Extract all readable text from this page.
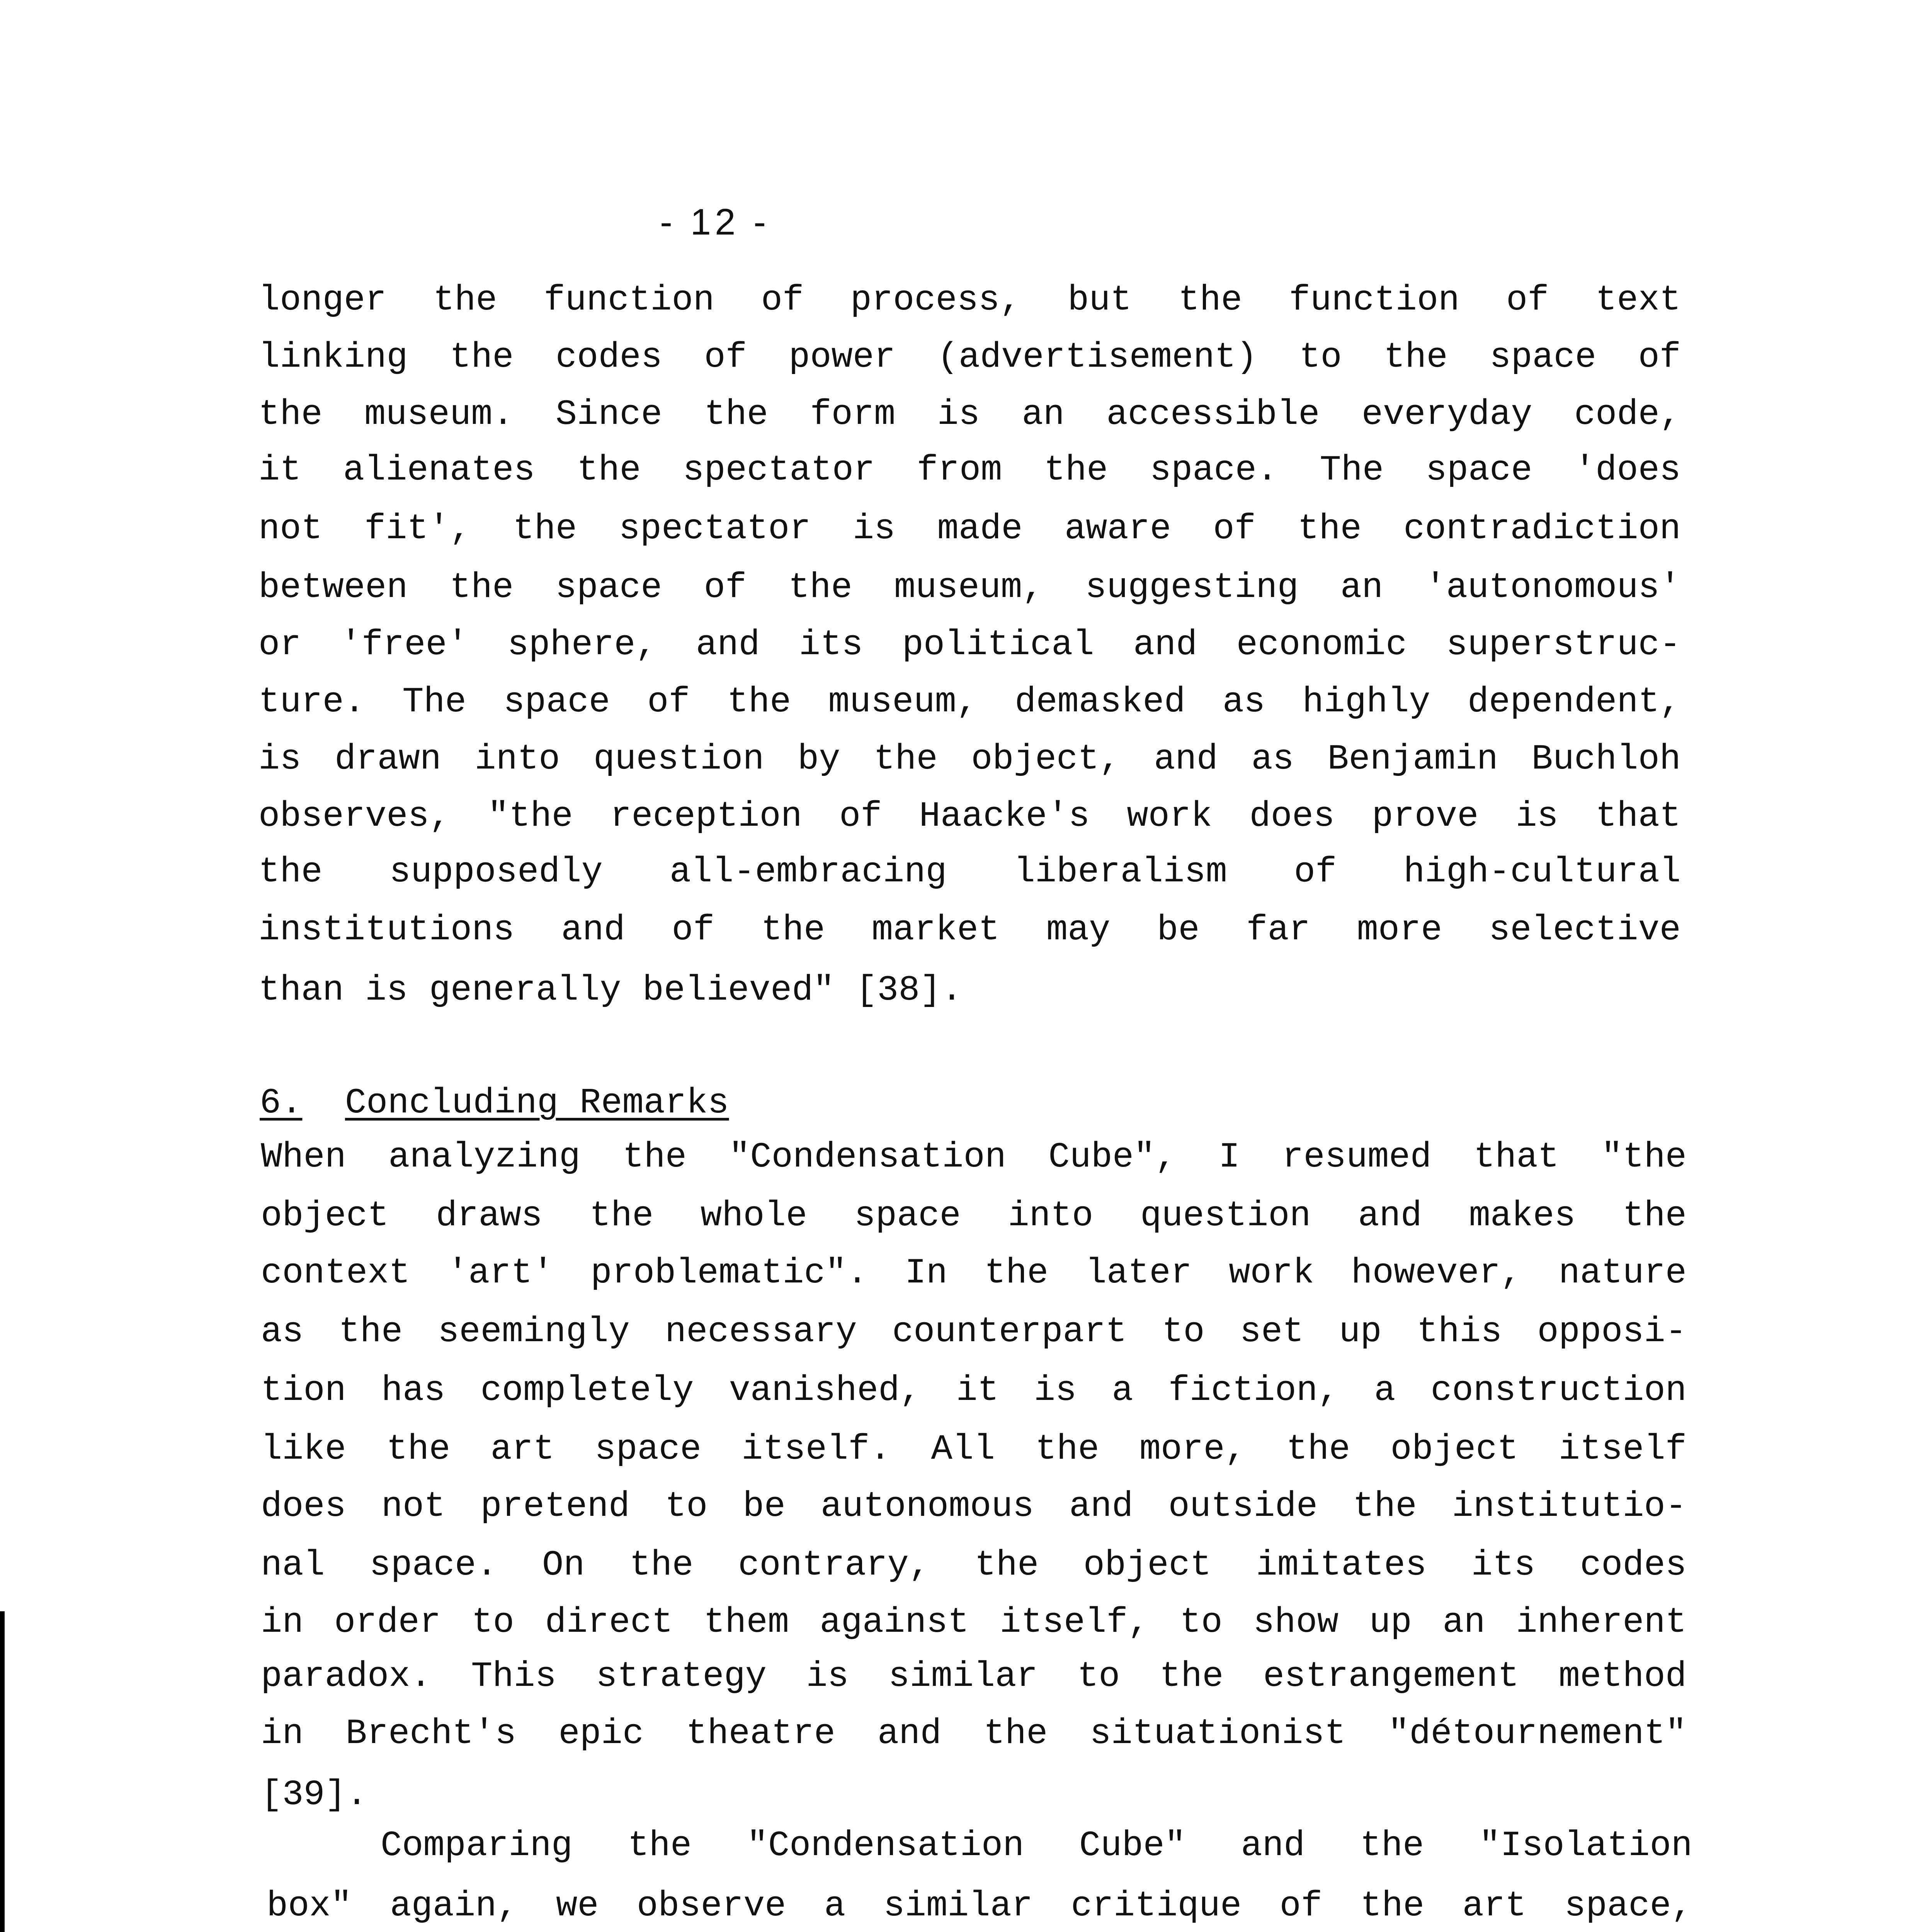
- 12 -
longer the function of process, but the function of text
linking the codes of power (advertisement) to the space of
the museum. Since the form is an accessible everyday code,
it alienates the spectator from the space. The space 'does
not fit', the spectator is made aware of the contradiction
between the space of the museum, suggesting an 'autonomous'
or 'free' sphere, and its political and economic superstruc-
ture. The space of the museum, demasked as highly dependent,
is drawn into question by the object, and as Benjamin Buchloh
observes, "the reception of Haacke's work does prove is that
the supposedly all-embracing liberalism of high-cultural
institutions and of the market may be far more selective
than is generally believed" [38].
6. Concluding Remarks
When analyzing the "Condensation Cube", I resumed that "the
object draws the whole space into question and makes the
context 'art' problematic". In the later work however, nature
as the seemingly necessary counterpart to set up this opposi-
tion has completely vanished, it is a fiction, a construction
like the art space itself. All the more, the object itself
does not pretend to be autonomous and outside the institutio-
nal space. On the contrary, the object imitates its codes
in order to direct them against itself, to show up an inherent
paradox. This strategy is similar to the estrangement method
in Brecht's epic theatre and the situationist "détournement"
[39].
Comparing the "Condensation Cube" and the "Isolation
box" again, we observe a similar critique of the art space,
